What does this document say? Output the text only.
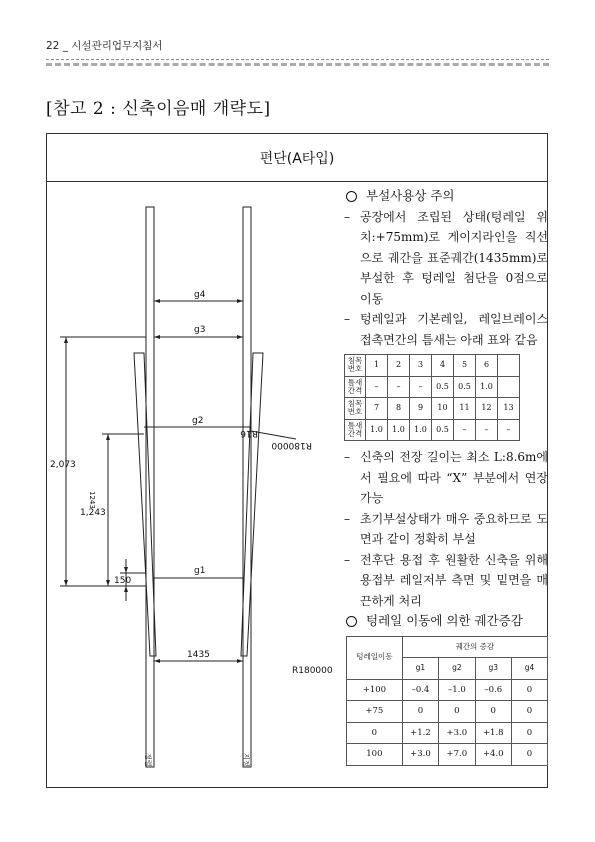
22 _ 시설관리업무지침서
[참고 2 : 신축이음매 개략도]
편단(A타입)
g4
g3
g2
g1
2,073
1,243
150
1435
R180000
R180000
R16
1243
정렬	지정
부설사용상 주의
– 공장에서 조립된 상태(텅레일 위치:+75mm)로 게이지라인을 직선으로 궤간을 표준궤간(1435mm)로 부설한 후 텅레일 첨단을 0점으로 이동
– 텅레일과 기본레일, 레일브레이스 접촉면간의 틈새는 아래 표와 같음
침목
번호	1	2	3	4	5	6	
틈새
간격	–	–	–	0.5	0.5	1.0	
침목
번호	7	8	9	10	11	12	13
틈새
간격	1.0	1.0	1.0	0.5	–	–	–
– 신축의 전장 길이는 최소 L:8.6m에서 필요에 따라 “X” 부분에서 연장 가능
– 초기부설상태가 매우 중요하므로 도면과 같이 정확히 부설
– 전후단 용접 후 원활한 신축을 위해 용접부 레일저부 측면 및 밑면을 매끈하게 처리
텅레일 이동에 의한 궤간증감
텅레일이동	궤간의 증감			
	g1	g2	g3	g4
+100	–0.4	–1.0	–0.6	0
+75	0	0	0	0
0	+1.2	+3.0	+1.8	0
100	+3.0	+7.0	+4.0	0
